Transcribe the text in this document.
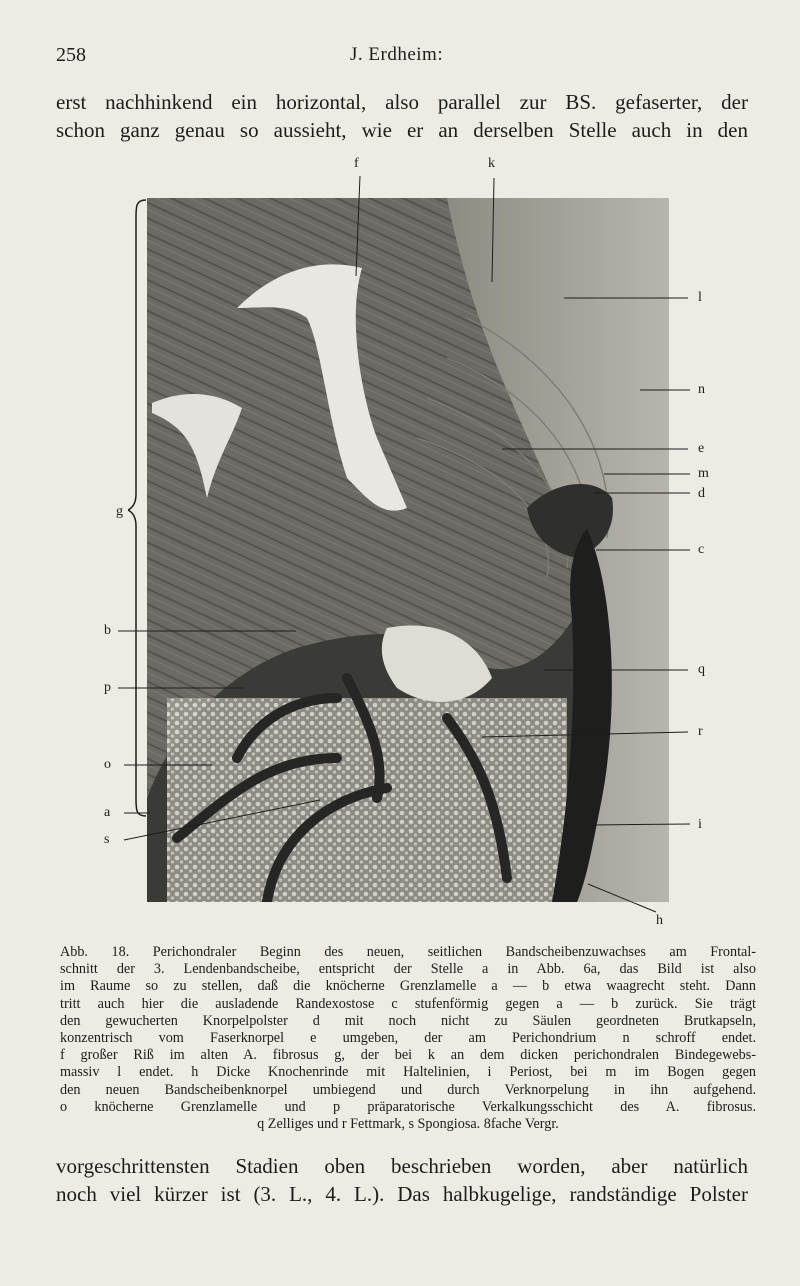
258	J. Erdheim:
erst nachhinkend ein horizontal, also parallel zur BS. gefaserter, der
schon ganz genau so aussieht, wie er an derselben Stelle auch in den
f	k
l
n
e
m
d
c
q
r
i
h
g
b
p
o
a
s
Abb. 18. Perichondraler Beginn des neuen, seitlichen Bandscheibenzuwachses am Frontal-
schnitt der 3. Lendenbandscheibe, entspricht der Stelle a in Abb. 6a, das Bild ist also
im Raume so zu stellen, daß die knöcherne Grenzlamelle a — b etwa waagrecht steht. Dann
tritt auch hier die ausladende Randexostose c stufenförmig gegen a — b zurück. Sie trägt
den gewucherten Knorpelpolster d mit noch nicht zu Säulen geordneten Brutkapseln,
konzentrisch vom Faserknorpel e umgeben, der am Perichondrium n schroff endet.
f großer Riß im alten A. fibrosus g, der bei k an dem dicken perichondralen Bindegewebs-
massiv l endet. h Dicke Knochenrinde mit Haltelinien, i Periost, bei m im Bogen gegen
den neuen Bandscheibenknorpel umbiegend und durch Verknorpelung in ihn aufgehend.
o knöcherne Grenzlamelle und p präparatorische Verkalkungsschicht des A. fibrosus.
q Zelliges und r Fettmark, s Spongiosa. 8fache Vergr.
vorgeschrittensten Stadien oben beschrieben worden, aber natürlich
noch viel kürzer ist (3. L., 4. L.). Das halbkugelige, randständige Polster
